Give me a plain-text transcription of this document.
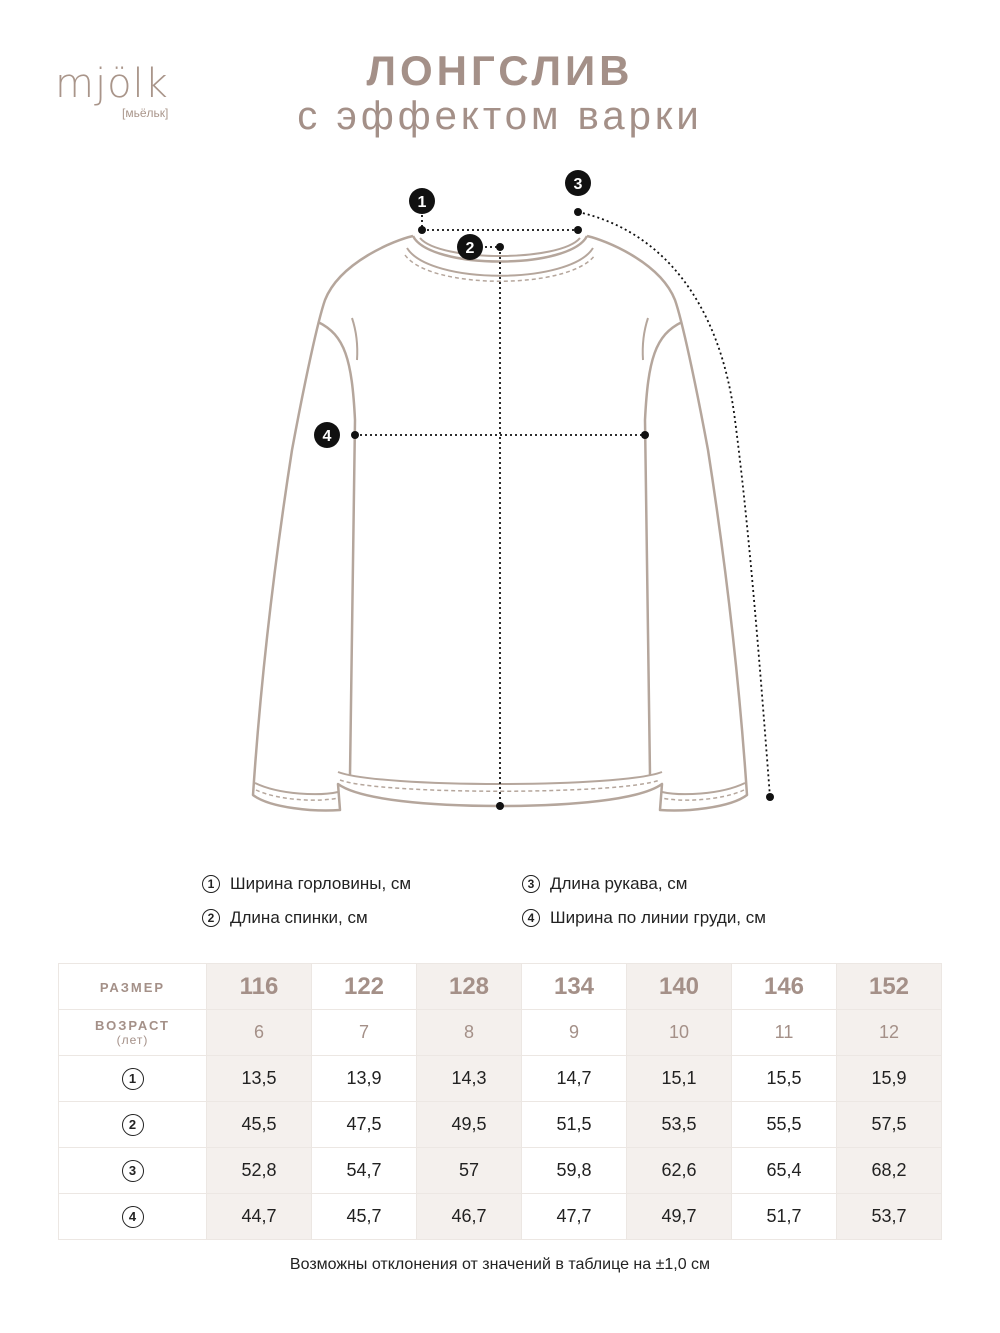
mjölk
[мьёльк]
ЛОНГСЛИВ
с эффектом варки
1
2
3
4
1 Ширина горловины, см
2 Длина спинки, см
3 Длина рукава, см
4 Ширина по линии груди, см
РАЗМЕР	116	122	128	134	140	146	152

ВОЗРАСТ
(лет)	6	7	8	9	10	11	12
1	13,5	13,9	14,3	14,7	15,1	15,5	15,9
2	45,5	47,5	49,5	51,5	53,5	55,5	57,5
3	52,8	54,7	57	59,8	62,6	65,4	68,2
4	44,7	45,7	46,7	47,7	49,7	51,7	53,7
Возможны отклонения от значений в таблице на ±1,0 см
